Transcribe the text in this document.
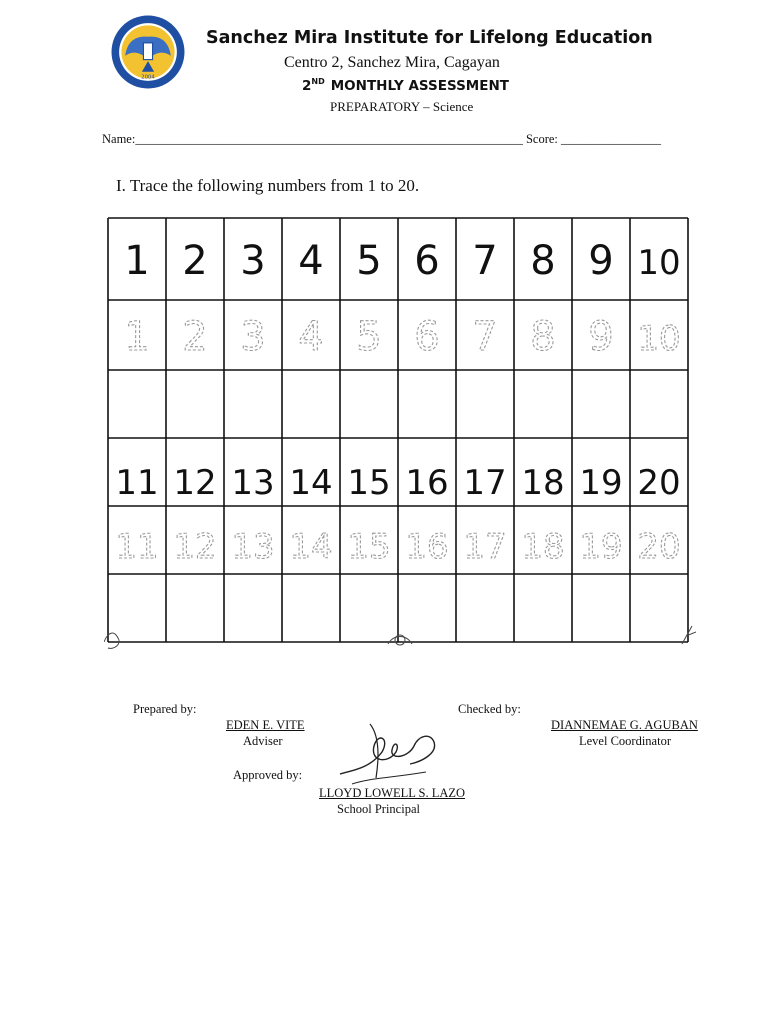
2004
Sanchez Mira Institute for Lifelong Education
Centro 2, Sanchez Mira, Cagayan
2ND MONTHLY ASSESSMENT
PREPARATORY – Science
Name:______________________________________________________________ Score: ________________
I. Trace the following numbers from 1 to 20.
1
1
2
2
3
3
4
4
5
5
6
6
7
7
8
8
9
9
10
10
11
11
12
12
13
13
14
14
15
15
16
16
17
17
18
18
19
19
20
20
Prepared by:
EDEN E. VITE
Adviser
Checked by:
DIANNEMAE G. AGUBAN
Level Coordinator
Approved by:
LLOYD LOWELL S. LAZO
School Principal
